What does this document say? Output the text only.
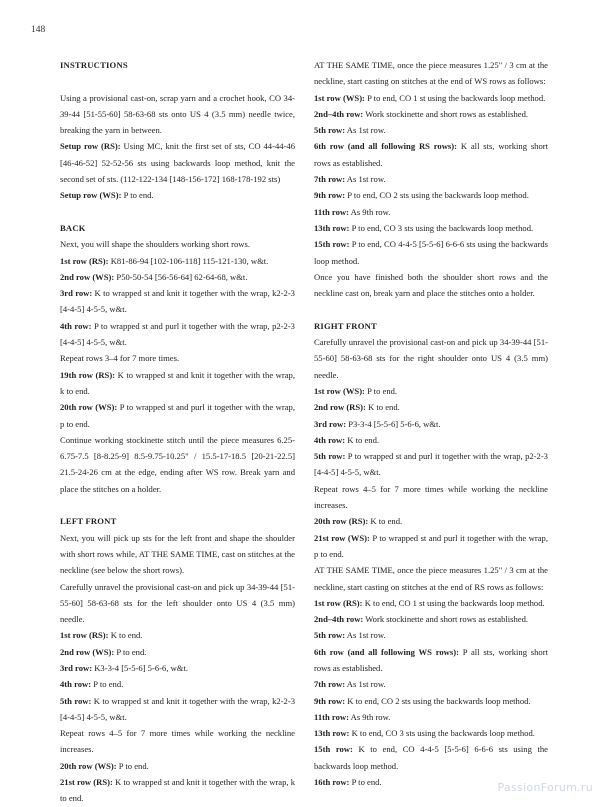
148
INSTRUCTIONS
Using a provisional cast-on, scrap yarn and a crochet hook, CO 34-39-44 [51-55-60] 58-63-68 sts onto US 4 (3.5 mm) needle twice, breaking the yarn in between.
Setup row (RS): Using MC, knit the first set of sts, CO 44-44-46 [46-46-52] 52-52-56 sts using backwards loop method, knit the second set of sts. (112-122-134 [148-156-172] 168-178-192 sts)
Setup row (WS): P to end.
BACK
Next, you will shape the shoulders working short rows.
1st row (RS): K81-86-94 [102-106-118] 115-121-130, w&t.
2nd row (WS): P50-50-54 [56-56-64] 62-64-68, w&t.
3rd row: K to wrapped st and knit it together with the wrap, k2-2-3 [4-4-5] 4-5-5, w&t.
4th row: P to wrapped st and purl it together with the wrap, p2-2-3 [4-4-5] 4-5-5, w&t.
Repeat rows 3–4 for 7 more times.
19th row (RS): K to wrapped st and knit it together with the wrap, k to end.
20th row (WS): P to wrapped st and purl it together with the wrap, p to end.
Continue working stockinette stitch until the piece measures 6.25-6.75-7.5 [8-8.25-9] 8.5-9.75-10.25" / 15.5-17-18.5 [20-21-22.5] 21.5-24-26 cm at the edge, ending after WS row. Break yarn and place the stitches on a holder.
LEFT FRONT
Next, you will pick up sts for the left front and shape the shoulder with short rows while, AT THE SAME TIME, cast on stitches at the neckline (see below the short rows).
Carefully unravel the provisional cast-on and pick up 34-39-44 [51-55-60] 58-63-68 sts for the left shoulder onto US 4 (3.5 mm) needle.
1st row (RS): K to end.
2nd row (WS): P to end.
3rd row: K3-3-4 [5-5-6] 5-6-6, w&t.
4th row: P to end.
5th row: K to wrapped st and knit it together with the wrap, k2-2-3 [4-4-5] 4-5-5, w&t.
Repeat rows 4–5 for 7 more times while working the neckline increases.
20th row (WS): P to end.
21st row (RS): K to wrapped st and knit it together with the wrap, k to end.
AT THE SAME TIME, once the piece measures 1.25" / 3 cm at the neckline, start casting on stitches at the end of WS rows as follows:
1st row (WS): P to end, CO 1 st using the backwards loop method.
2nd–4th row: Work stockinette and short rows as established.
5th row: As 1st row.
6th row (and all following RS rows): K all sts, working short rows as established.
7th row: As 1st row.
9th row: P to end, CO 2 sts using the backwards loop method.
11th row: As 9th row.
13th row: P to end, CO 3 sts using the backwards loop method.
15th row: P to end, CO 4-4-5 [5-5-6] 6-6-6 sts using the backwards loop method.
Once you have finished both the shoulder short rows and the neckline cast on, break yarn and place the stitches onto a holder.
RIGHT FRONT
Carefully unravel the provisional cast-on and pick up 34-39-44 [51-55-60] 58-63-68 sts for the right shoulder onto US 4 (3.5 mm) needle.
1st row (WS): P to end.
2nd row (RS): K to end.
3rd row: P3-3-4 [5-5-6] 5-6-6, w&t.
4th row: K to end.
5th row: P to wrapped st and purl it together with the wrap, p2-2-3 [4-4-5] 4-5-5, w&t.
Repeat rows 4–5 for 7 more times while working the neckline increases.
20th row (RS): K to end.
21st row (WS): P to wrapped st and purl it together with the wrap, p to end.
AT THE SAME TIME, once the piece measures 1.25" / 3 cm at the neckline, start casting on stitches at the end of RS rows as follows:
1st row (RS): K to end, CO 1 st using the backwards loop method.
2nd–4th row: Work stockinette and short rows as established.
5th row: As 1st row.
6th row (and all following WS rows): P all sts, working short rows as established.
7th row: As 1st row.
9th row: K to end, CO 2 sts using the backwards loop method.
11th row: As 9th row.
13th row: K to end, CO 3 sts using the backwards loop method.
15th row: K to end, CO 4-4-5 [5-5-6] 6-6-6 sts using the backwards loop method.
16th row: P to end.	PassionForum.ru
